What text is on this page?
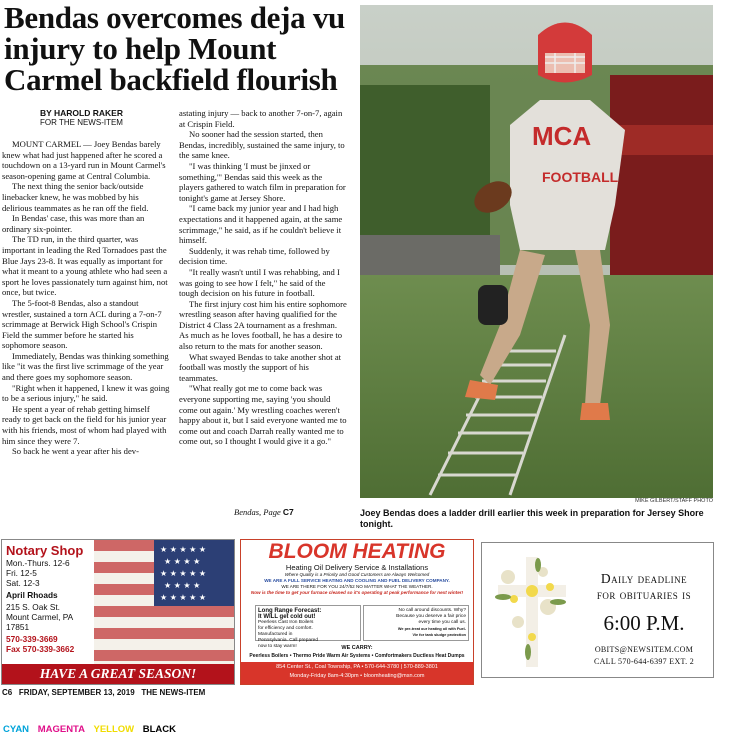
Bendas overcomes deja vu injury to help Mount Carmel backfield flourish
BY HAROLD RAKER
FOR THE NEWS-ITEM

MOUNT CARMEL — Joey Bendas barely knew what had just happened after he scored a touchdown on a 13-yard run in Mount Carmel's season-opening game at Central Columbia.

The next thing the senior back/outside linebacker knew, he was mobbed by his delirious teammates as he ran off the field.

In Bendas' case, this was more than an ordinary six-pointer.

The TD run, in the third quarter, was important in leading the Red Tornadoes past the Blue Jays 23-8. It was equally as important for what it meant to a young athlete who had seen a sport he loves passionately turn against him, not once, but twice.

The 5-foot-8 Bendas, also a standout wrestler, sustained a torn ACL during a 7-on-7 scrimmage at Berwick High School's Crispin Field the summer before he started his sophomore season.

Immediately, Bendas was thinking something like "it was the first live scrimmage of the year and there goes my sophomore season.

"Right when it happened, I knew it was going to be a serious injury," he said.

He spent a year of rehab getting himself ready to get back on the field for his junior year with his friends, most of whom had played with him since they were 7.

So back he went a year after his dev-

astating injury — back to another 7-on-7, again at Crispin Field.

No sooner had the session started, then Bendas, incredibly, sustained the same injury, to the same knee.

"I was thinking 'I must be jinxed or something,'" Bendas said this week as the players gathered to watch film in preparation for tonight's game at Jersey Shore.

"I came back my junior year and I had high expectations and it happened again, at the same scrimmage," he said, as if he couldn't believe it himself.

Suddenly, it was rehab time, followed by decision time.

"It really wasn't until I was rehabbing, and I was going to see how I felt," he said of the tough decision on his future in football.

The first injury cost him his entire sophomore wrestling season after having qualified for the District 4 Class 2A tournament as a freshman. As much as he loves football, he has a desire to also return to the mats for another season.

What swayed Bendas to take another shot at football was mostly the support of his teammates.

"What really got me to come back was everyone supporting me, saying 'you should come out again.' My wrestling coaches weren't happy about it, but I said everyone wanted me to come out and coach Darrah really wanted me to come out, so I thought I would give it a go."

Bendas, Page C7
MCA
FOOTBALL
MIKE GILBERT/STAFF PHOTO
Joey Bendas does a ladder drill earlier this week in preparation for Jersey Shore tonight.
★ ★ ★ ★ ★
★ ★ ★ ★
★ ★ ★ ★ ★
★ ★ ★ ★
★ ★ ★ ★ ★
Notary Shop
Mon.-Thurs. 12-6
Fri. 12-5
Sat. 12-3
April Rhoads
215 S. Oak St.
Mount Carmel, PA
17851
570-339-3669
Fax 570-339-3662
HAVE A GREAT SEASON!
BLOOM HEATING
Heating Oil Delivery Service & Installations
Where Quality is a Priority and Good Customers are Always Welcomed
WE ARE A FULL SERVICE HEATING AND COOLING AND FUEL DELIVERY COMPANY.
WE ARE THERE FOR YOU 24/7/52 NO MATTER WHAT THE WEATHER.
Now is the time to get your furnace cleaned so it's operating at peak performance for next winter!
Long Range Forecast:
It WILL get cold out!
Peerless Cast Iron Boilers for efficiency and comfort. Manufactured in Pennsylvania. Call prepared now to stay warm!
No call around discounts. Why? Because you deserve a fair price every time you call us.
We pre-treat our heating oil with Fuel-Vie for tank sludge protection
WE CARRY:
Peerless Boilers • Thermo Pride Warm Air Systems • Comfortmakers Ductless Heat Dumps
854 Center St., Coal Township, PA • 570-644-3780 | 570-889-3801
Monday-Friday 8am-4:30pm • bloomheating@msn.com
Daily deadline
for obituaries is
6:00 P.M.
OBITS@NEWSITEM.COM
CALL 570-644-6397 EXT. 2
C6 FRIDAY, SEPTEMBER 13, 2019 THE NEWS-ITEM
CYAN MAGENTA YELLOW BLACK
